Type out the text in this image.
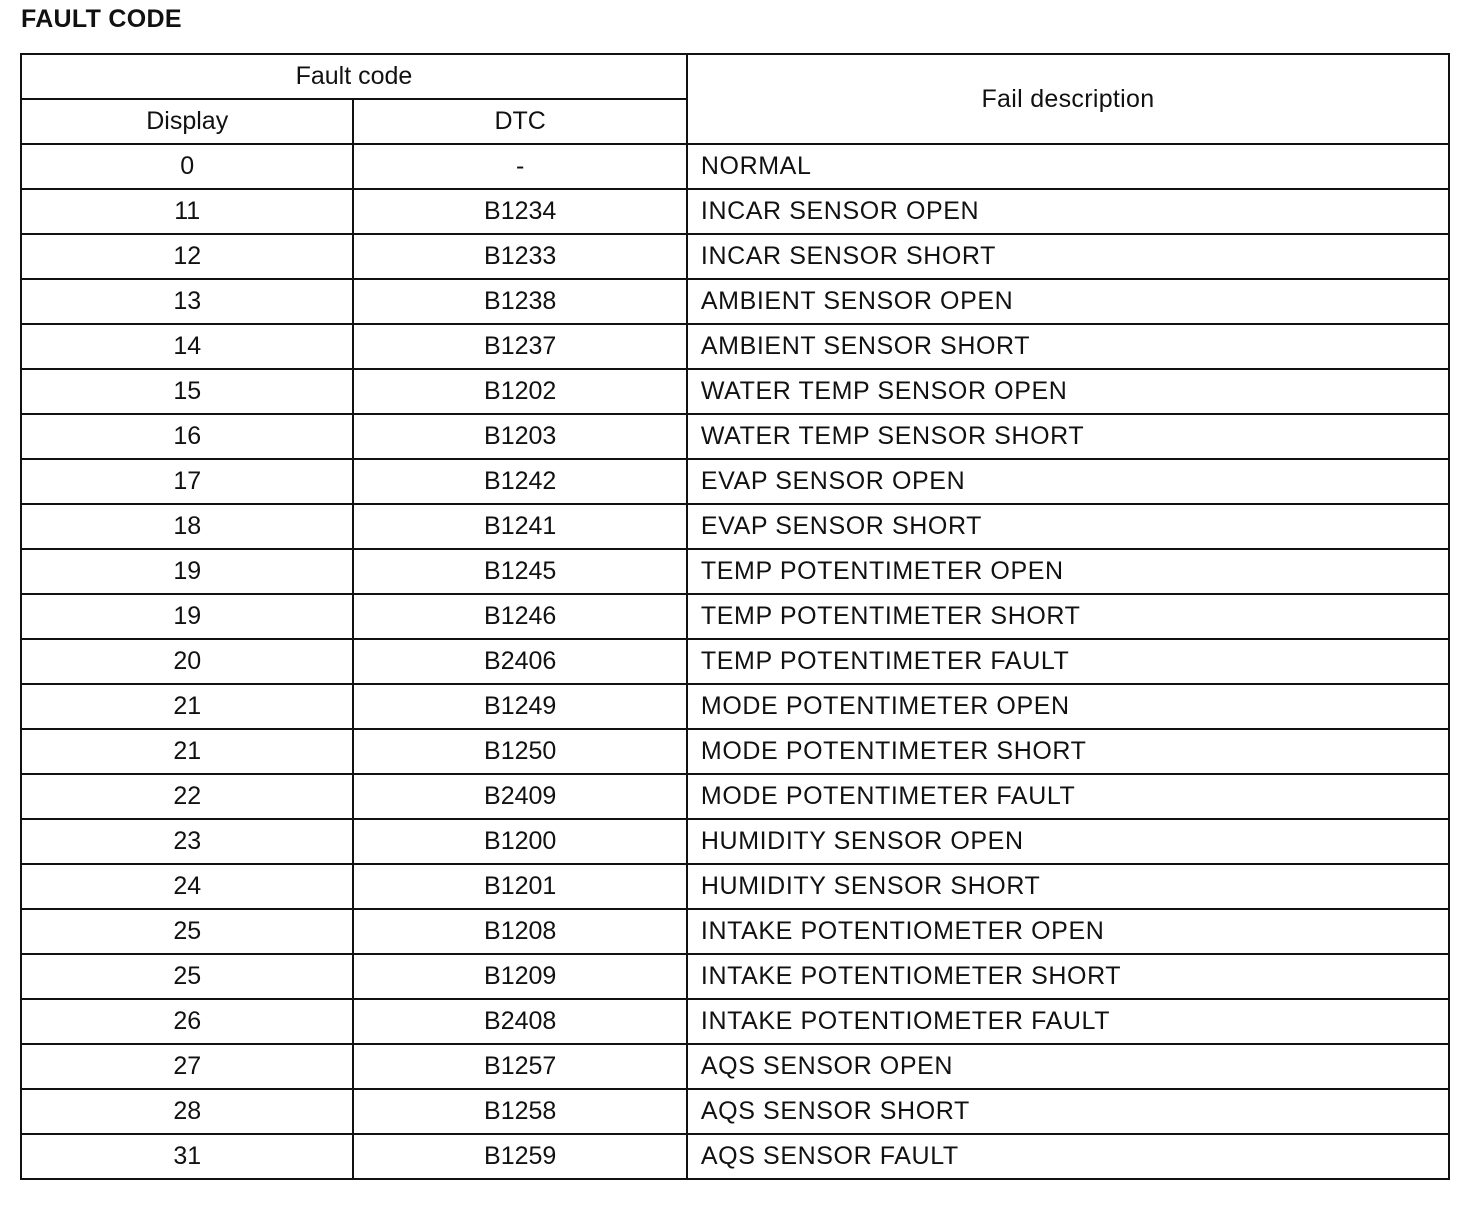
FAULT CODE
Fault code		Fail description
Display	DTC	
0	-	NORMAL
11	B1234	INCAR SENSOR OPEN
12	B1233	INCAR SENSOR SHORT
13	B1238	AMBIENT SENSOR OPEN
14	B1237	AMBIENT SENSOR SHORT
15	B1202	WATER TEMP SENSOR OPEN
16	B1203	WATER TEMP SENSOR SHORT
17	B1242	EVAP SENSOR OPEN
18	B1241	EVAP SENSOR SHORT
19	B1245	TEMP POTENTIMETER OPEN
19	B1246	TEMP POTENTIMETER SHORT
20	B2406	TEMP POTENTIMETER FAULT
21	B1249	MODE POTENTIMETER OPEN
21	B1250	MODE POTENTIMETER SHORT
22	B2409	MODE POTENTIMETER FAULT
23	B1200	HUMIDITY SENSOR OPEN
24	B1201	HUMIDITY SENSOR SHORT
25	B1208	INTAKE POTENTIOMETER OPEN
25	B1209	INTAKE POTENTIOMETER SHORT
26	B2408	INTAKE POTENTIOMETER FAULT
27	B1257	AQS SENSOR OPEN
28	B1258	AQS SENSOR SHORT
31	B1259	AQS SENSOR FAULT
